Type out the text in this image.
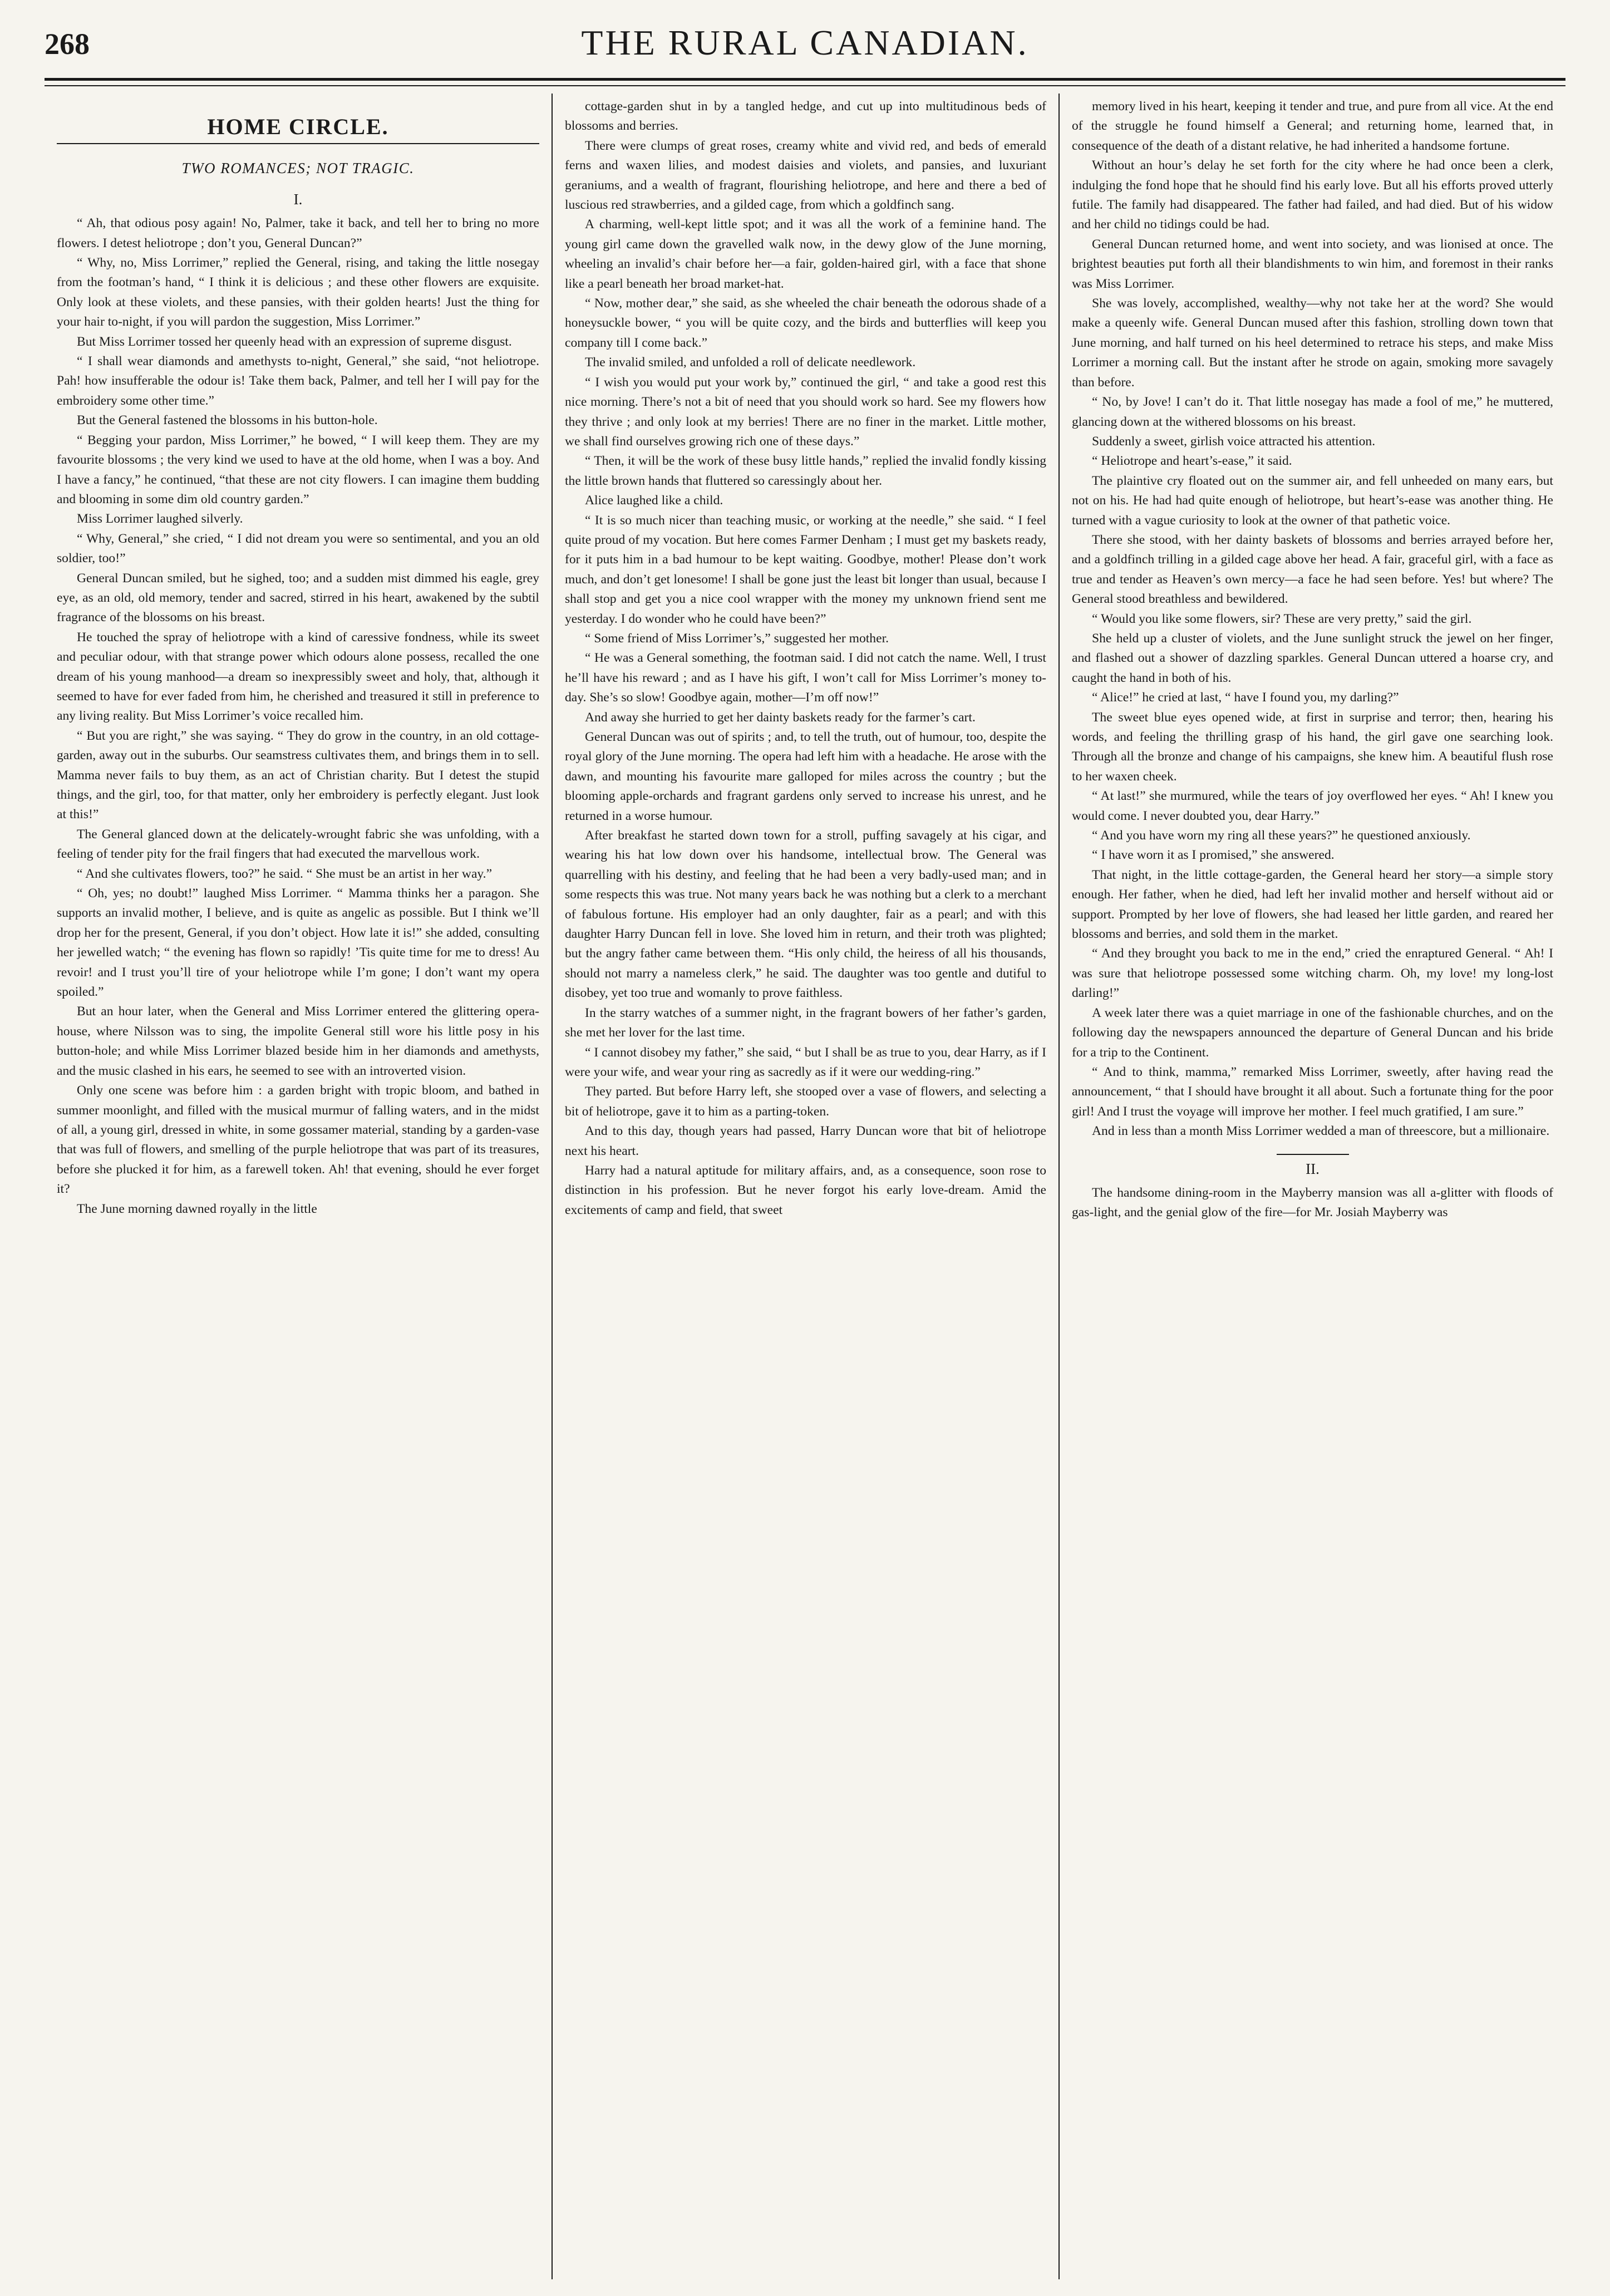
268	THE RURAL CANADIAN.
HOME CIRCLE.
TWO ROMANCES; NOT TRAGIC.
I.

“ Ah, that odious posy again! No, Palmer, take it back, and tell her to bring no more flowers. I detest heliotrope ; don’t you, General Duncan?”

“ Why, no, Miss Lorrimer,” replied the General, rising, and taking the little nosegay from the footman’s hand, “ I think it is delicious ; and these other flowers are exquisite. Only look at these violets, and these pansies, with their golden hearts! Just the thing for your hair to-night, if you will pardon the suggestion, Miss Lorrimer.”

But Miss Lorrimer tossed her queenly head with an expression of supreme disgust.

“ I shall wear diamonds and amethysts to-night, General,” she said, “not heliotrope. Pah! how insufferable the odour is! Take them back, Palmer, and tell her I will pay for the embroidery some other time.”

But the General fastened the blossoms in his button-hole.

“ Begging your pardon, Miss Lorrimer,” he bowed, “ I will keep them. They are my favourite blossoms ; the very kind we used to have at the old home, when I was a boy. And I have a fancy,” he continued, “that these are not city flowers. I can imagine them budding and blooming in some dim old country garden.”

Miss Lorrimer laughed silverly.

“ Why, General,” she cried, “ I did not dream you were so sentimental, and you an old soldier, too!”

General Duncan smiled, but he sighed, too; and a sudden mist dimmed his eagle, grey eye, as an old, old memory, tender and sacred, stirred in his heart, awakened by the subtil fragrance of the blossoms on his breast.

He touched the spray of heliotrope with a kind of caressive fondness, while its sweet and peculiar odour, with that strange power which odours alone possess, recalled the one dream of his young manhood—a dream so inexpressibly sweet and holy, that, although it seemed to have for ever faded from him, he cherished and treasured it still in preference to any living reality. But Miss Lorrimer’s voice recalled him.

“ But you are right,” she was saying. “ They do grow in the country, in an old cottage-garden, away out in the suburbs. Our seamstress cultivates them, and brings them in to sell. Mamma never fails to buy them, as an act of Christian charity. But I detest the stupid things, and the girl, too, for that matter, only her embroidery is perfectly elegant. Just look at this!”

The General glanced down at the delicately-wrought fabric she was unfolding, with a feeling of tender pity for the frail fingers that had executed the marvellous work.

“ And she cultivates flowers, too?” he said. “ She must be an artist in her way.”

“ Oh, yes; no doubt!” laughed Miss Lorrimer. “ Mamma thinks her a paragon. She supports an invalid mother, I believe, and is quite as angelic as possible. But I think we’ll drop her for the present, General, if you don’t object. How late it is!” she added, consulting her jewelled watch; “ the evening has flown so rapidly! ’Tis quite time for me to dress! Au revoir! and I trust you’ll tire of your heliotrope while I’m gone; I don’t want my opera spoiled.”

But an hour later, when the General and Miss Lorrimer entered the glittering opera-house, where Nilsson was to sing, the impolite General still wore his little posy in his button-hole; and while Miss Lorrimer blazed beside him in her diamonds and amethysts, and the music clashed in his ears, he seemed to see with an introverted vision.

Only one scene was before him : a garden bright with tropic bloom, and bathed in summer moonlight, and filled with the musical murmur of falling waters, and in the midst of all, a young girl, dressed in white, in some gossamer material, standing by a garden-vase that was full of flowers, and smelling of the purple heliotrope that was part of its treasures, before she plucked it for him, as a farewell token. Ah! that evening, should he ever forget it?

The June morning dawned royally in the little

cottage-garden shut in by a tangled hedge, and cut up into multitudinous beds of blossoms and berries.

There were clumps of great roses, creamy white and vivid red, and beds of emerald ferns and waxen lilies, and modest daisies and violets, and pansies, and luxuriant geraniums, and a wealth of fragrant, flourishing heliotrope, and here and there a bed of luscious red strawberries, and a gilded cage, from which a goldfinch sang.

A charming, well-kept little spot; and it was all the work of a feminine hand. The young girl came down the gravelled walk now, in the dewy glow of the June morning, wheeling an invalid’s chair before her—a fair, golden-haired girl, with a face that shone like a pearl beneath her broad market-hat.

“ Now, mother dear,” she said, as she wheeled the chair beneath the odorous shade of a honeysuckle bower, “ you will be quite cozy, and the birds and butterflies will keep you company till I come back.”

The invalid smiled, and unfolded a roll of delicate needlework.

“ I wish you would put your work by,” continued the girl, “ and take a good rest this nice morning. There’s not a bit of need that you should work so hard. See my flowers how they thrive ; and only look at my berries! There are no finer in the market. Little mother, we shall find ourselves growing rich one of these days.”

“ Then, it will be the work of these busy little hands,” replied the invalid fondly kissing the little brown hands that fluttered so caressingly about her.

Alice laughed like a child.

“ It is so much nicer than teaching music, or working at the needle,” she said. “ I feel quite proud of my vocation. But here comes Farmer Denham ; I must get my baskets ready, for it puts him in a bad humour to be kept waiting. Goodbye, mother! Please don’t work much, and don’t get lonesome! I shall be gone just the least bit longer than usual, because I shall stop and get you a nice cool wrapper with the money my unknown friend sent me yesterday. I do wonder who he could have been?”

“ Some friend of Miss Lorrimer’s,” suggested her mother.

“ He was a General something, the footman said. I did not catch the name. Well, I trust he’ll have his reward ; and as I have his gift, I won’t call for Miss Lorrimer’s money to-day. She’s so slow! Goodbye again, mother—I’m off now!”

And away she hurried to get her dainty baskets ready for the farmer’s cart.

General Duncan was out of spirits ; and, to tell the truth, out of humour, too, despite the royal glory of the June morning. The opera had left him with a headache. He arose with the dawn, and mounting his favourite mare galloped for miles across the country ; but the blooming apple-orchards and fragrant gardens only served to increase his unrest, and he returned in a worse humour.

After breakfast he started down town for a stroll, puffing savagely at his cigar, and wearing his hat low down over his handsome, intellectual brow. The General was quarrelling with his destiny, and feeling that he had been a very badly-used man; and in some respects this was true. Not many years back he was nothing but a clerk to a merchant of fabulous fortune. His employer had an only daughter, fair as a pearl; and with this daughter Harry Duncan fell in love. She loved him in return, and their troth was plighted; but the angry father came between them. “His only child, the heiress of all his thousands, should not marry a nameless clerk,” he said. The daughter was too gentle and dutiful to disobey, yet too true and womanly to prove faithless.

In the starry watches of a summer night, in the fragrant bowers of her father’s garden, she met her lover for the last time.

“ I cannot disobey my father,” she said, “ but I shall be as true to you, dear Harry, as if I were your wife, and wear your ring as sacredly as if it were our wedding-ring.”

They parted. But before Harry left, she stooped over a vase of flowers, and selecting a bit of heliotrope, gave it to him as a parting-token.

And to this day, though years had passed, Harry Duncan wore that bit of heliotrope next his heart.

Harry had a natural aptitude for military affairs, and, as a consequence, soon rose to distinction in his profession. But he never forgot his early love-dream. Amid the excitements of camp and field, that sweet

memory lived in his heart, keeping it tender and true, and pure from all vice. At the end of the struggle he found himself a General; and returning home, learned that, in consequence of the death of a distant relative, he had inherited a handsome fortune.

Without an hour’s delay he set forth for the city where he had once been a clerk, indulging the fond hope that he should find his early love. But all his efforts proved utterly futile. The family had disappeared. The father had failed, and had died. But of his widow and her child no tidings could be had.

General Duncan returned home, and went into society, and was lionised at once. The brightest beauties put forth all their blandishments to win him, and foremost in their ranks was Miss Lorrimer.

She was lovely, accomplished, wealthy—why not take her at the word? She would make a queenly wife. General Duncan mused after this fashion, strolling down town that June morning, and half turned on his heel determined to retrace his steps, and make Miss Lorrimer a morning call. But the instant after he strode on again, smoking more savagely than before.

“ No, by Jove! I can’t do it. That little nosegay has made a fool of me,” he muttered, glancing down at the withered blossoms on his breast.

Suddenly a sweet, girlish voice attracted his attention.

“ Heliotrope and heart’s-ease,” it said.

The plaintive cry floated out on the summer air, and fell unheeded on many ears, but not on his. He had had quite enough of heliotrope, but heart’s-ease was another thing. He turned with a vague curiosity to look at the owner of that pathetic voice.

There she stood, with her dainty baskets of blossoms and berries arrayed before her, and a goldfinch trilling in a gilded cage above her head. A fair, graceful girl, with a face as true and tender as Heaven’s own mercy—a face he had seen before. Yes! but where? The General stood breathless and bewildered.

“ Would you like some flowers, sir? These are very pretty,” said the girl.

She held up a cluster of violets, and the June sunlight struck the jewel on her finger, and flashed out a shower of dazzling sparkles. General Duncan uttered a hoarse cry, and caught the hand in both of his.

“ Alice!” he cried at last, “ have I found you, my darling?”

The sweet blue eyes opened wide, at first in surprise and terror; then, hearing his words, and feeling the thrilling grasp of his hand, the girl gave one searching look. Through all the bronze and change of his campaigns, she knew him. A beautiful flush rose to her waxen cheek.

“ At last!” she murmured, while the tears of joy overflowed her eyes. “ Ah! I knew you would come. I never doubted you, dear Harry.”

“ And you have worn my ring all these years?” he questioned anxiously.

“ I have worn it as I promised,” she answered.

That night, in the little cottage-garden, the General heard her story—a simple story enough. Her father, when he died, had left her invalid mother and herself without aid or support. Prompted by her love of flowers, she had leased her little garden, and reared her blossoms and berries, and sold them in the market.

“ And they brought you back to me in the end,” cried the enraptured General. “ Ah! I was sure that heliotrope possessed some witching charm. Oh, my love! my long-lost darling!”

A week later there was a quiet marriage in one of the fashionable churches, and on the following day the newspapers announced the departure of General Duncan and his bride for a trip to the Continent.

“ And to think, mamma,” remarked Miss Lorrimer, sweetly, after having read the announcement, “ that I should have brought it all about. Such a fortunate thing for the poor girl! And I trust the voyage will improve her mother. I feel much gratified, I am sure.”

And in less than a month Miss Lorrimer wedded a man of threescore, but a millionaire.

II.

The handsome dining-room in the Mayberry mansion was all a-glitter with floods of gas-light, and the genial glow of the fire—for Mr. Josiah Mayberry was
